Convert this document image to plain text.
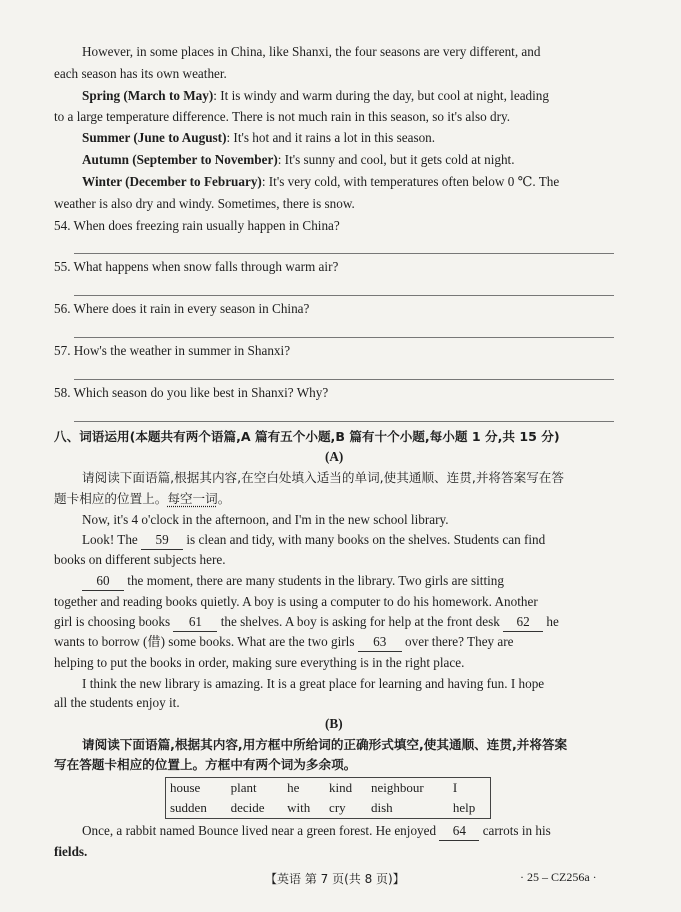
However, in some places in China, like Shanxi, the four seasons are very different, and
each season has its own weather.
Spring (March to May): It is windy and warm during the day, but cool at night, leading
to a large temperature difference. There is not much rain in this season, so it's also dry.
Summer (June to August): It's hot and it rains a lot in this season.
Autumn (September to November): It's sunny and cool, but it gets cold at night.
Winter (December to February): It's very cold, with temperatures often below 0 ℃. The
weather is also dry and windy. Sometimes, there is snow.
54. When does freezing rain usually happen in China?
55. What happens when snow falls through warm air?
56. Where does it rain in every season in China?
57. How's the weather in summer in Shanxi?
58. Which season do you like best in Shanxi? Why?
八、词语运用(本题共有两个语篇,A 篇有五个小题,B 篇有十个小题,每小题 1 分,共 15 分)
(A)
请阅读下面语篇,根据其内容,在空白处填入适当的单词,使其通顺、连贯,并将答案写在答
题卡相应的位置上。每空一词。
Now, it's 4 o'clock in the afternoon, and I'm in the new school library.
Look! The 59 is clean and tidy, with many books on the shelves. Students can find
books on different subjects here.
60 the moment, there are many students in the library. Two girls are sitting
together and reading books quietly. A boy is using a computer to do his homework. Another
girl is choosing books 61 the shelves. A boy is asking for help at the front desk 62 he
wants to borrow (借) some books. What are the two girls 63 over there? They are
helping to put the books in order, making sure everything is in the right place.
I think the new library is amazing. It is a great place for learning and having fun. I hope
all the students enjoy it.
(B)
请阅读下面语篇,根据其内容,用方框中所给词的正确形式填空,使其通顺、连贯,并将答案
写在答题卡相应的位置上。方框中有两个词为多余项。
house	plant	he	kind	neighbour	I
sudden	decide	with	cry	dish	help
Once, a rabbit named Bounce lived near a green forest. He enjoyed 64 carrots in his
fields.
【英语 第 7 页(共 8 页)】	· 25 – CZ256a ·
